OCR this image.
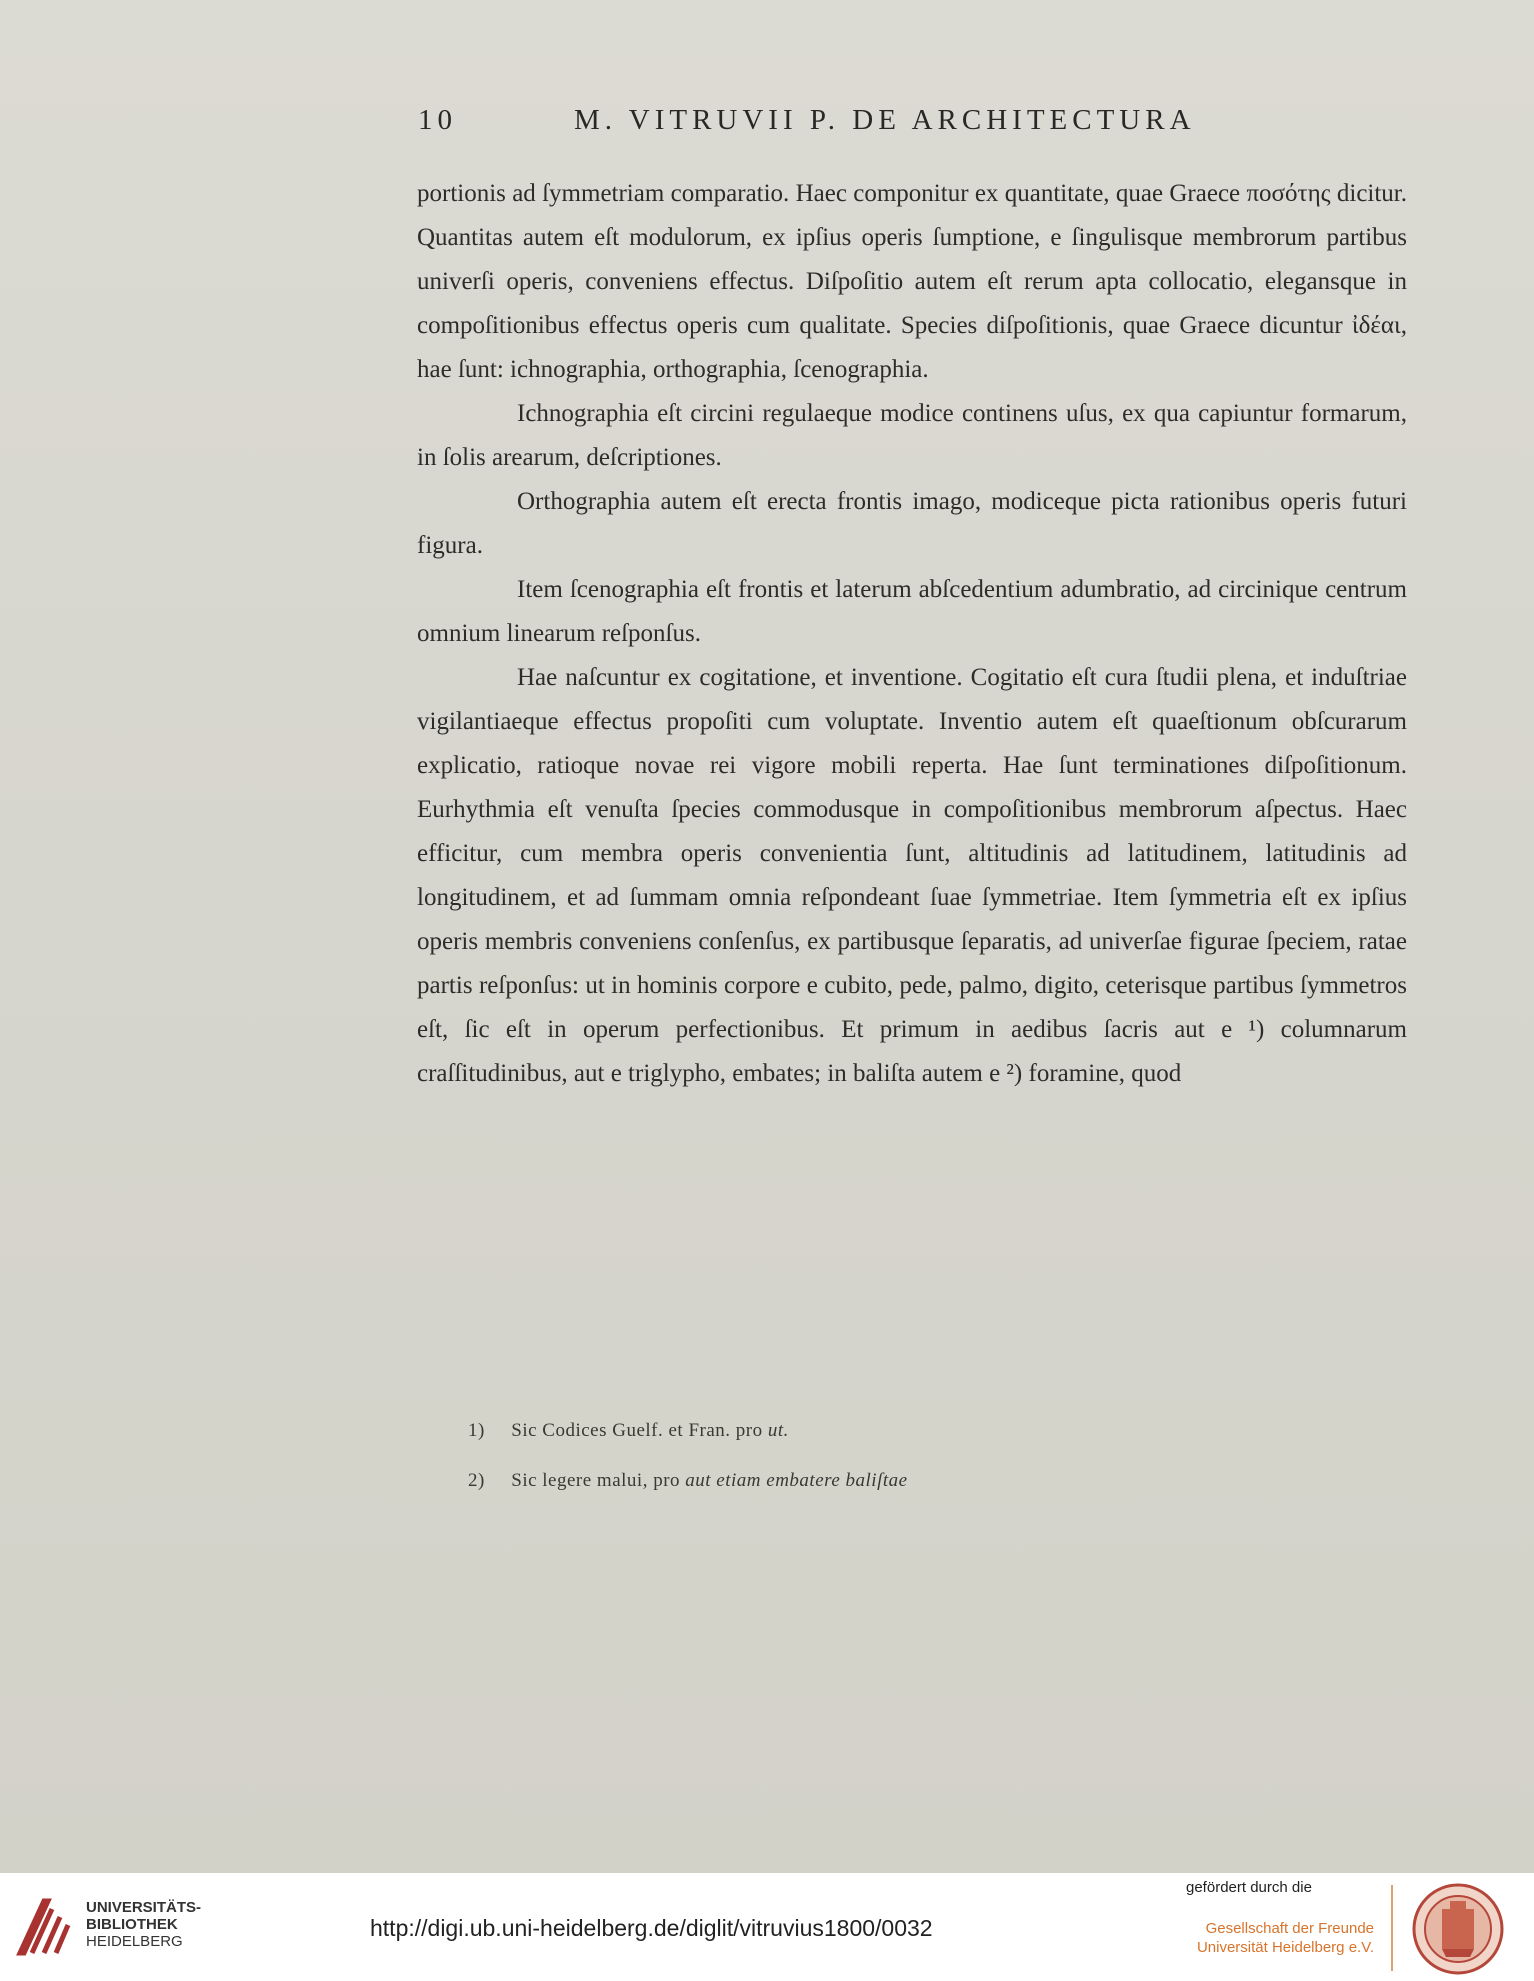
10	M. VITRUVII P. DE ARCHITECTURA

portionis ad ſymmetriam comparatio. Haec componitur ex quantitate, quae Graece ποσότης dicitur. Quantitas autem eſt modulorum, ex ipſius operis ſumptione, e ſingulisque membrorum partibus univerſi operis, conveniens effectus. Diſpoſitio autem eſt rerum apta collocatio, elegansque in compoſitionibus effectus operis cum qualitate. Species diſpoſitionis, quae Graece dicuntur ἰδέαι, hae ſunt: ichnographia, orthographia, ſcenographia.

Ichnographia eſt circini regulaeque modice continens uſus, ex qua capiuntur formarum, in ſolis arearum, deſcriptiones.

Orthographia autem eſt erecta frontis imago, modiceque picta rationibus operis futuri figura.

Item ſcenographia eſt frontis et laterum abſcedentium adumbratio, ad circinique centrum omnium linearum reſponſus.

Hae naſcuntur ex cogitatione, et inventione. Cogitatio eſt cura ſtudii plena, et induſtriae vigilantiaeque effectus propoſiti cum voluptate. Inventio autem eſt quaeſtionum obſcurarum explicatio, ratioque novae rei vigore mobili reperta. Hae ſunt terminationes diſpoſitionum. Eurhythmia eſt venuſta ſpecies commodusque in compoſitionibus membrorum aſpectus. Haec efficitur, cum membra operis convenientia ſunt, altitudinis ad latitudinem, latitudinis ad longitudinem, et ad ſummam omnia reſpondeant ſuae ſymmetriae. Item ſymmetria eſt ex ipſius operis membris conveniens conſenſus, ex partibusque ſeparatis, ad univerſae figurae ſpeciem, ratae partis reſponſus: ut in hominis corpore e cubito, pede, palmo, digito, ceterisque partibus ſymmetros eſt, ſic eſt in operum perfectionibus. Et primum in aedibus ſacris aut e ¹) columnarum craſſitudinibus, aut e triglypho, embates; in baliſta autem e ²) foramine, quod

1) Sic Codices Guelf. et Fran. pro ut.
2) Sic legere malui, pro aut etiam embatere baliſtae
UNIVERSITÄTS-
BIBLIOTHEK
HEIDELBERG
http://digi.ub.uni-heidelberg.de/diglit/vitruvius1800/0032
gefördert durch die
Gesellschaft der Freunde
Universität Heidelberg e.V.
